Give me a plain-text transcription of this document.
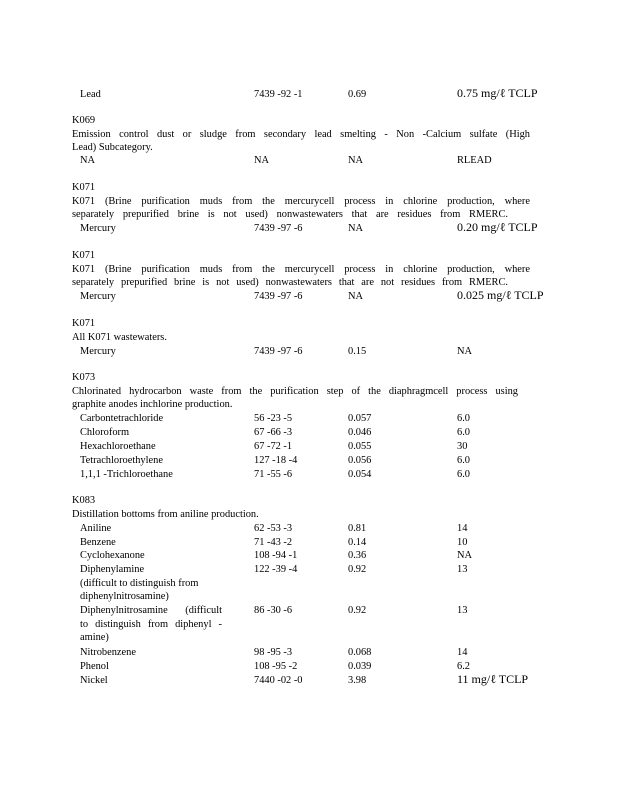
Lead	7439 -92 -1	0.69	0.75 mg/ℓ TCLP
K069
Emission control dust or sludge from secondary lead smelting - Non -Calcium sulfate (High
Lead) Subcategory.
NA	NA	NA	RLEAD
K071
K071 (Brine purification muds from the mercurycell process in chlorine production, where
separately prepurified brine is not used) nonwastewaters that are residues from RMERC.
Mercury	7439 -97 -6	NA	0.20 mg/ℓ TCLP
K071
K071 (Brine purification muds from the mercurycell process in chlorine production, where
separately prepurified brine is not used) nonwastewaters that are not residues from RMERC.
Mercury	7439 -97 -6	NA	0.025 mg/ℓ TCLP
K071
All K071 wastewaters.
Mercury	7439 -97 -6	0.15	NA
K073
Chlorinated hydrocarbon waste from the purification step of the diaphragmcell process using
graphite anodes inchlorine production.
Carbontetrachloride	56 -23 -5	0.057	6.0
Chloroform	67 -66 -3	0.046	6.0
Hexachloroethane	67 -72 -1	0.055	30
Tetrachloroethylene	127 -18 -4	0.056	6.0
1,1,1 -Trichloroethane	71 -55 -6	0.054	6.0
K083
Distillation bottoms from aniline production.
Aniline	62 -53 -3	0.81	14
Benzene	71 -43 -2	0.14	10
Cyclohexanone	108 -94 -1	0.36	NA
Diphenylamine	122 -39 -4	0.92	13
(difficult to distinguish from
diphenylnitrosamine)
Diphenylnitrosamine (difficult	86 -30 -6	0.92	13
to distinguish from diphenyl -
amine)
Nitrobenzene	98 -95 -3	0.068	14
Phenol	108 -95 -2	0.039	6.2
Nickel	7440 -02 -0	3.98	11 mg/ℓ TCLP
